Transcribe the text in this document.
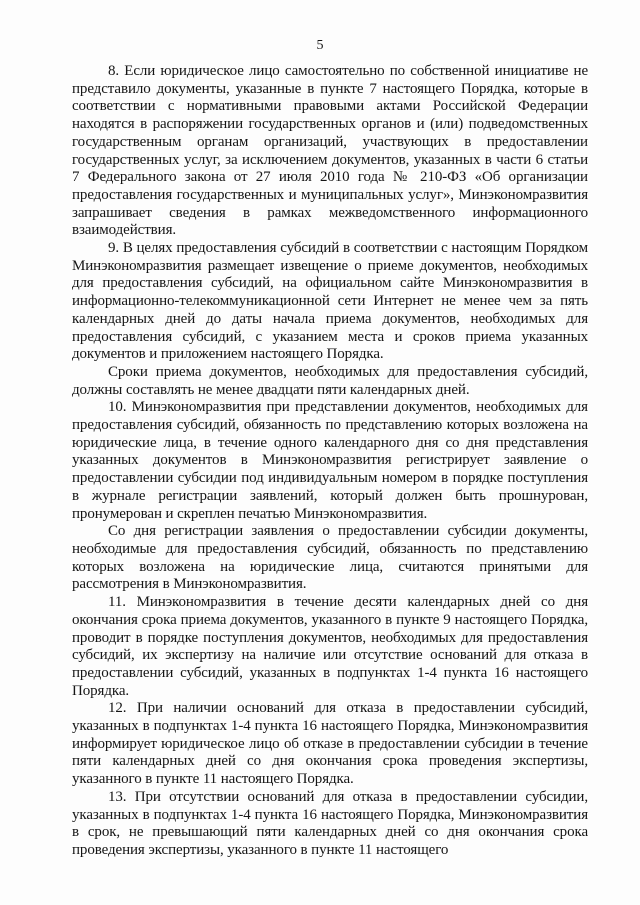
5

8. Если юридическое лицо самостоятельно по собственной инициативе не представило документы, указанные в пункте 7 настоящего Порядка, которые в соответствии с нормативными правовыми актами Российской Федерации находятся в распоряжении государственных органов и (или) подведомственных государственным органам организаций, участвующих в предоставлении государственных услуг, за исключением документов, указанных в части 6 статьи 7 Федерального закона от 27 июля 2010 года № 210-ФЗ «Об организации предоставления государственных и муниципальных услуг», Минэкономразвития запрашивает сведения в рамках межведомственного информационного взаимодействия.

9. В целях предоставления субсидий в соответствии с настоящим Порядком Минэкономразвития размещает извещение о приеме документов, необходимых для предоставления субсидий, на официальном сайте Минэкономразвития в информационно-телекоммуникационной сети Интернет не менее чем за пять календарных дней до даты начала приема документов, необходимых для предоставления субсидий, с указанием места и сроков приема указанных документов и приложением настоящего Порядка.

Сроки приема документов, необходимых для предоставления субсидий, должны составлять не менее двадцати пяти календарных дней.

10. Минэкономразвития при представлении документов, необходимых для предоставления субсидий, обязанность по представлению которых возложена на юридические лица, в течение одного календарного дня со дня представления указанных документов в Минэкономразвития регистрирует заявление о предоставлении субсидии под индивидуальным номером в порядке поступления в журнале регистрации заявлений, который должен быть прошнурован, пронумерован и скреплен печатью Минэкономразвития.

Со дня регистрации заявления о предоставлении субсидии документы, необходимые для предоставления субсидий, обязанность по представлению которых возложена на юридические лица, считаются принятыми для рассмотрения в Минэкономразвития.

11. Минэкономразвития в течение десяти календарных дней со дня окончания срока приема документов, указанного в пункте 9 настоящего Порядка, проводит в порядке поступления документов, необходимых для предоставления субсидий, их экспертизу на наличие или отсутствие оснований для отказа в предоставлении субсидий, указанных в подпунктах 1-4 пункта 16 настоящего Порядка.

12. При наличии оснований для отказа в предоставлении субсидий, указанных в подпунктах 1-4 пункта 16 настоящего Порядка, Минэкономразвития информирует юридическое лицо об отказе в предоставлении субсидии в течение пяти календарных дней со дня окончания срока проведения экспертизы, указанного в пункте 11 настоящего Порядка.

13. При отсутствии оснований для отказа в предоставлении субсидии, указанных в подпунктах 1-4 пункта 16 настоящего Порядка, Минэкономразвития в срок, не превышающий пяти календарных дней со дня окончания срока проведения экспертизы, указанного в пункте 11 настоящего
